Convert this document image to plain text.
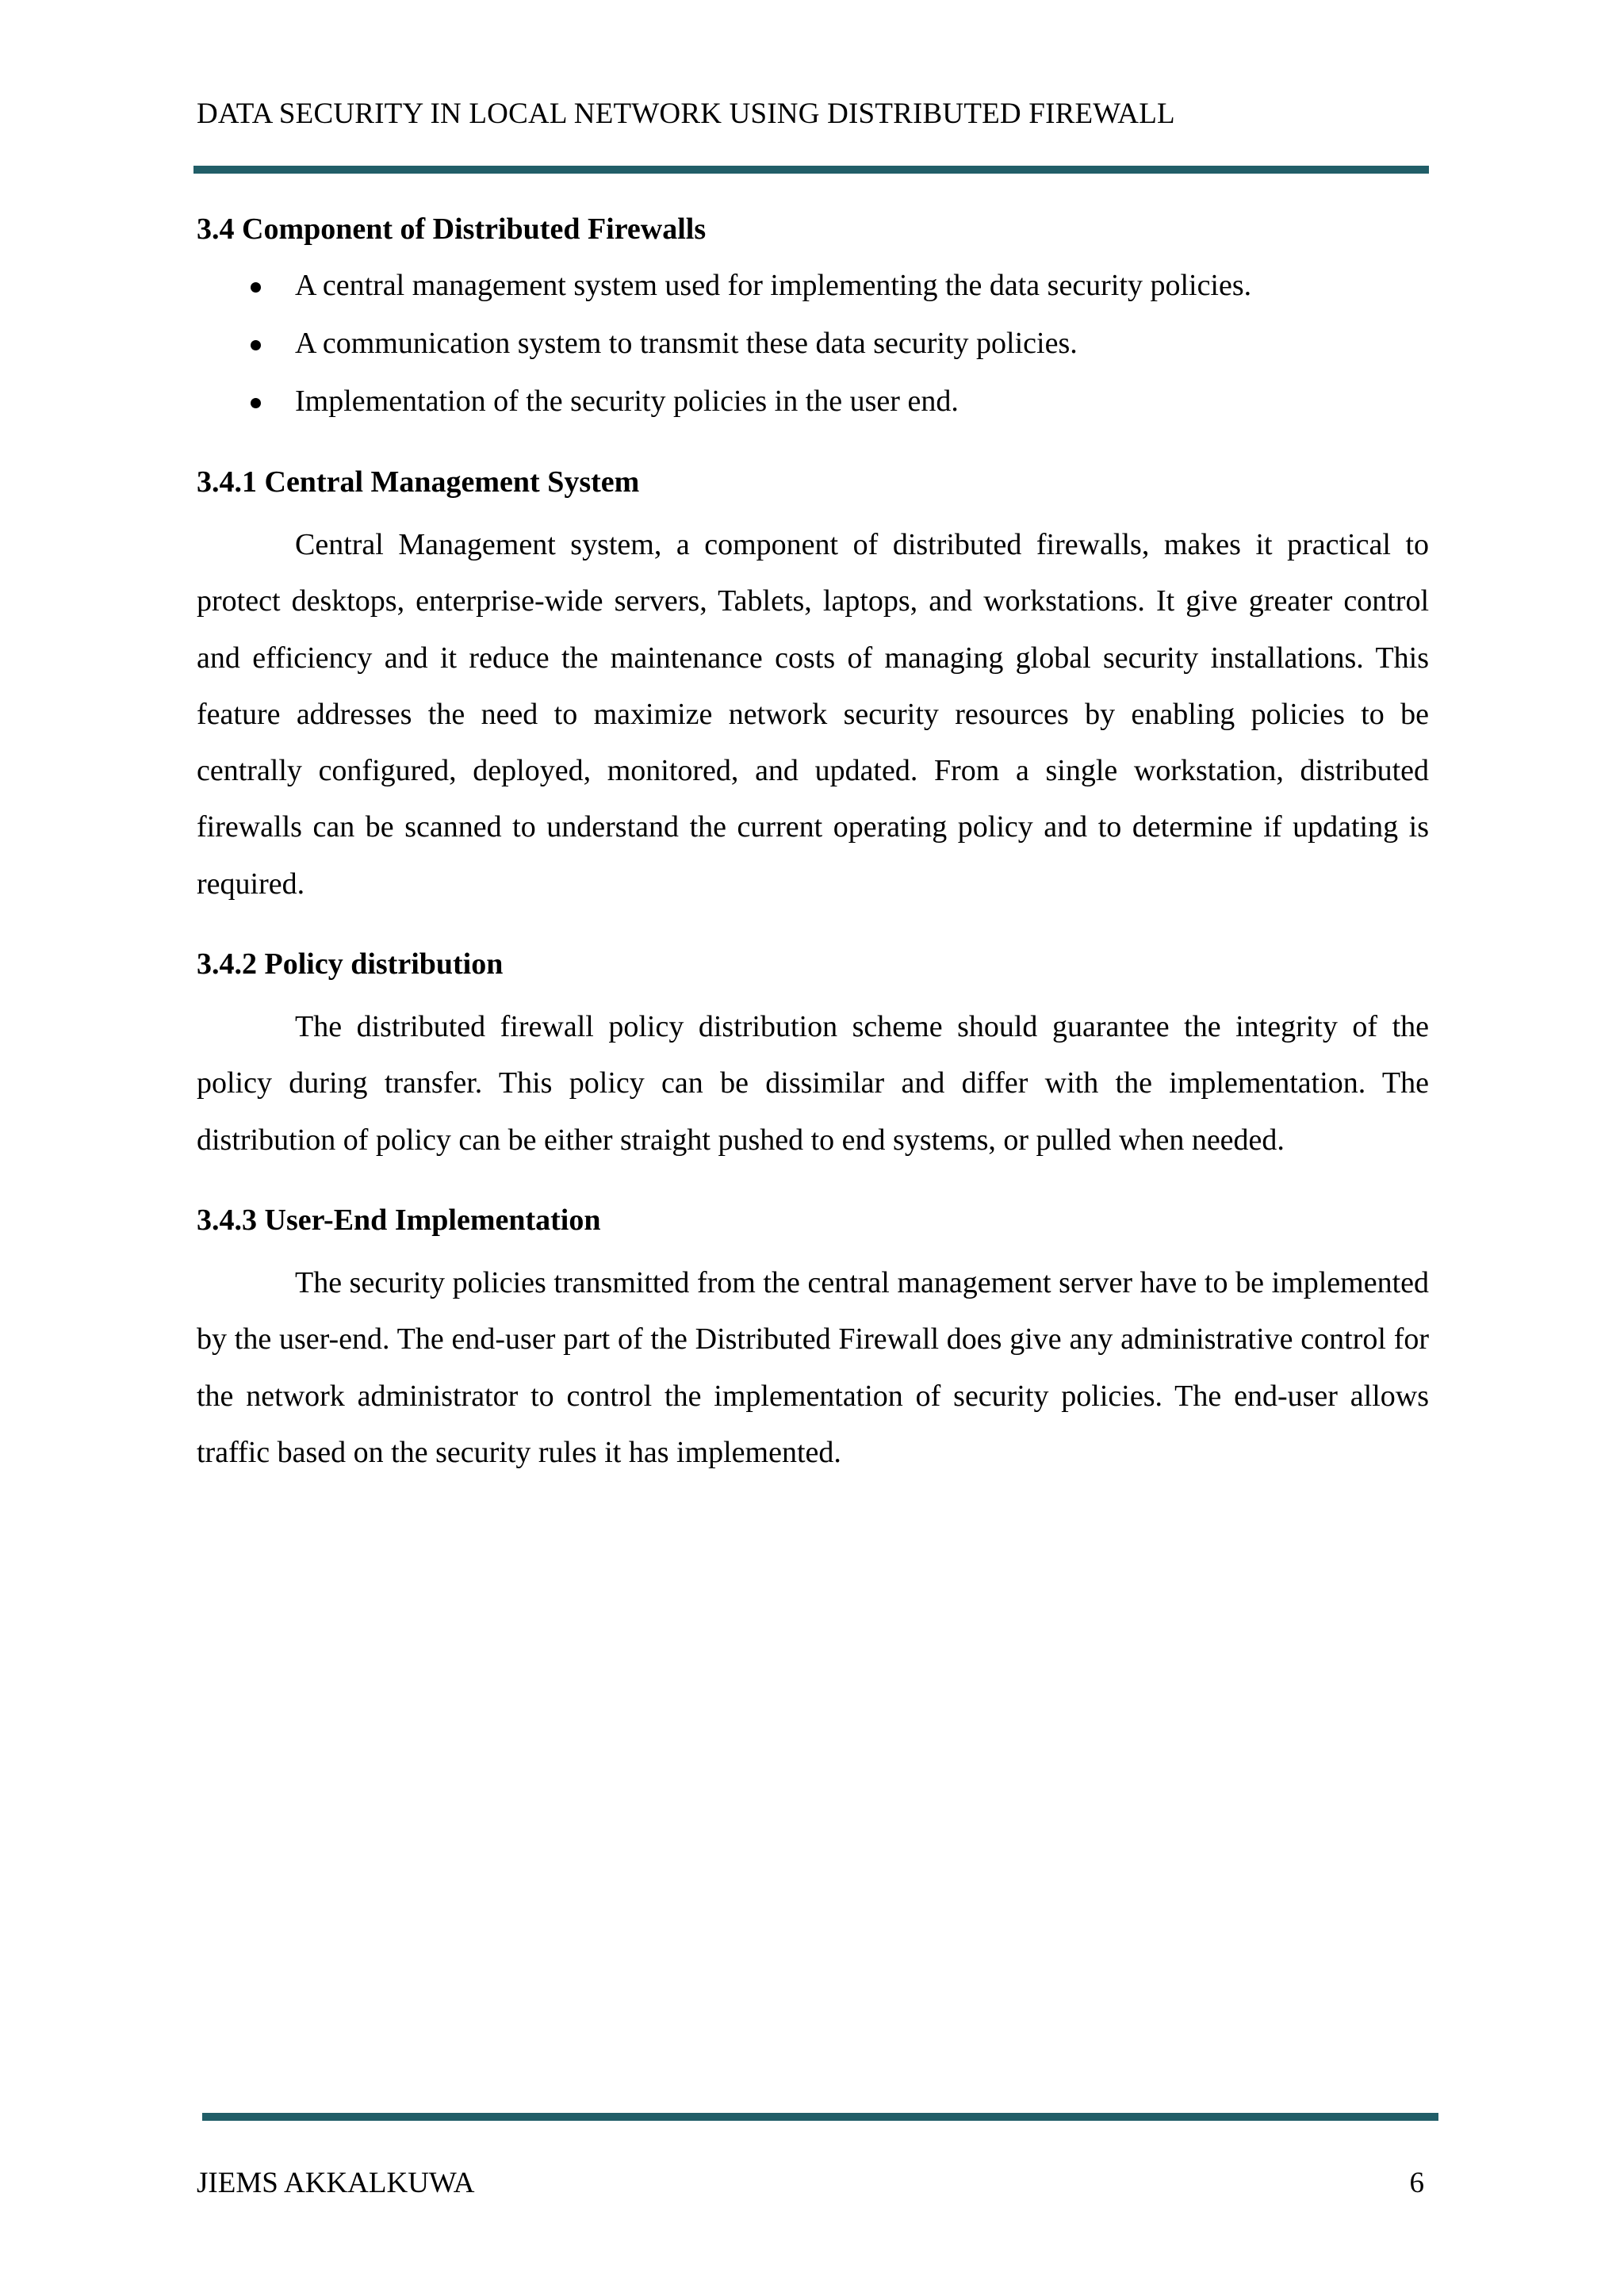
DATA SECURITY IN LOCAL NETWORK USING DISTRIBUTED FIREWALL
3.4 Component of Distributed Firewalls
A central management system used for implementing the data security policies.
A communication system to transmit these data security policies.
Implementation of the security policies in the user end.
3.4.1 Central Management System

Central Management system, a component of distributed firewalls, makes it practical to protect desktops, enterprise-wide servers, Tablets, laptops, and workstations. It give greater control and efficiency and it reduce the maintenance costs of managing global security installations. This feature addresses the need to maximize network security resources by enabling policies to be centrally configured, deployed, monitored, and updated. From a single workstation, distributed firewalls can be scanned to understand the current operating policy and to determine if updating is required.

3.4.2 Policy distribution

The distributed firewall policy distribution scheme should guarantee the integrity of the policy during transfer. This policy can be dissimilar and differ with the implementation. The distribution of policy can be either straight pushed to end systems, or pulled when needed.

3.4.3 User-End Implementation

The security policies transmitted from the central management server have to be implemented by the user-end. The end-user part of the Distributed Firewall does give any administrative control for the network administrator to control the implementation of security policies. The end-user allows traffic based on the security rules it has implemented.

JIEMS AKKALKUWA	6
